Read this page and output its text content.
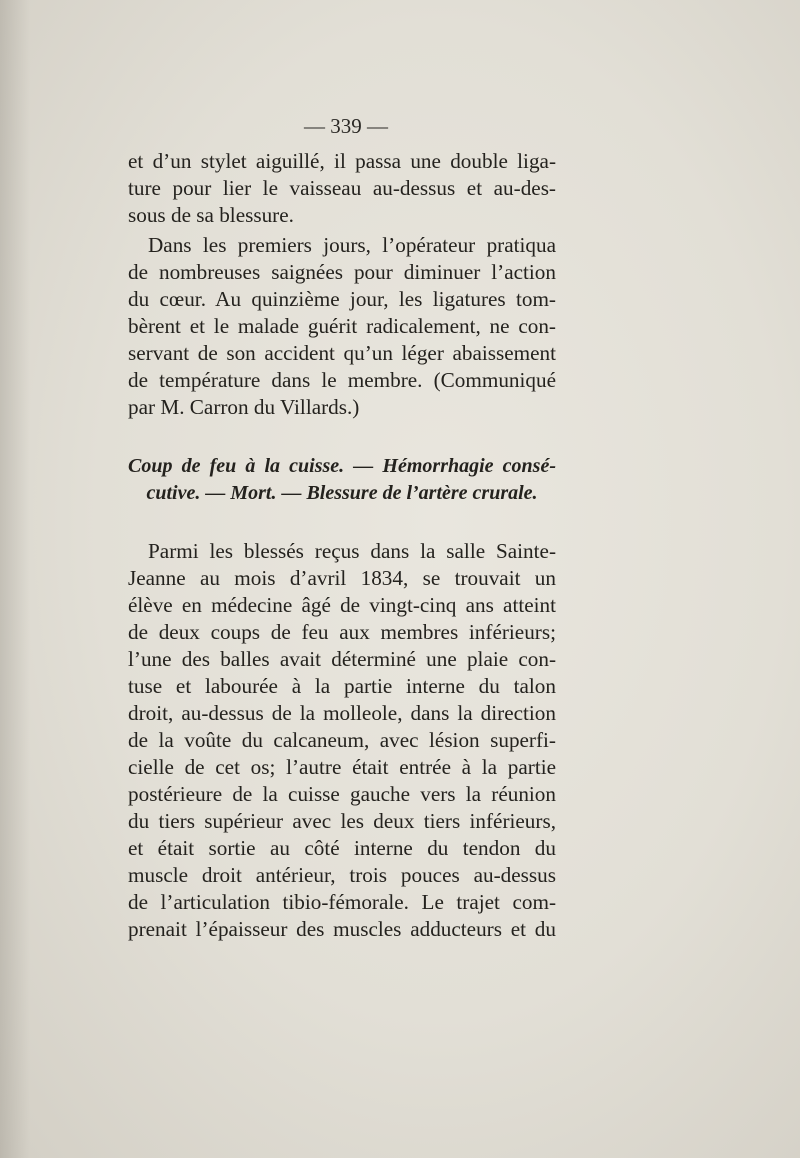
— 339 —
et d’un stylet aiguillé, il passa une double liga-
ture pour lier le vaisseau au-dessus et au-des-
sous de sa blessure.
Dans les premiers jours, l’opérateur pratiqua
de nombreuses saignées pour diminuer l’action
du cœur. Au quinzième jour, les ligatures tom-
bèrent et le malade guérit radicalement, ne con-
servant de son accident qu’un léger abaissement
de température dans le membre. (Communiqué
par M. Carron du Villards.)
Coup de feu à la cuisse. — Hémorrhagie consé-
cutive. — Mort. — Blessure de l’artère crurale.
Parmi les blessés reçus dans la salle Sainte-
Jeanne au mois d’avril 1834, se trouvait un
élève en médecine âgé de vingt-cinq ans atteint
de deux coups de feu aux membres inférieurs;
l’une des balles avait déterminé une plaie con-
tuse et labourée à la partie interne du talon
droit, au-dessus de la molleole, dans la direction
de la voûte du calcaneum, avec lésion superfi-
cielle de cet os; l’autre était entrée à la partie
postérieure de la cuisse gauche vers la réunion
du tiers supérieur avec les deux tiers inférieurs,
et était sortie au côté interne du tendon du
muscle droit antérieur, trois pouces au-dessus
de l’articulation tibio-fémorale. Le trajet com-
prenait l’épaisseur des muscles adducteurs et du
